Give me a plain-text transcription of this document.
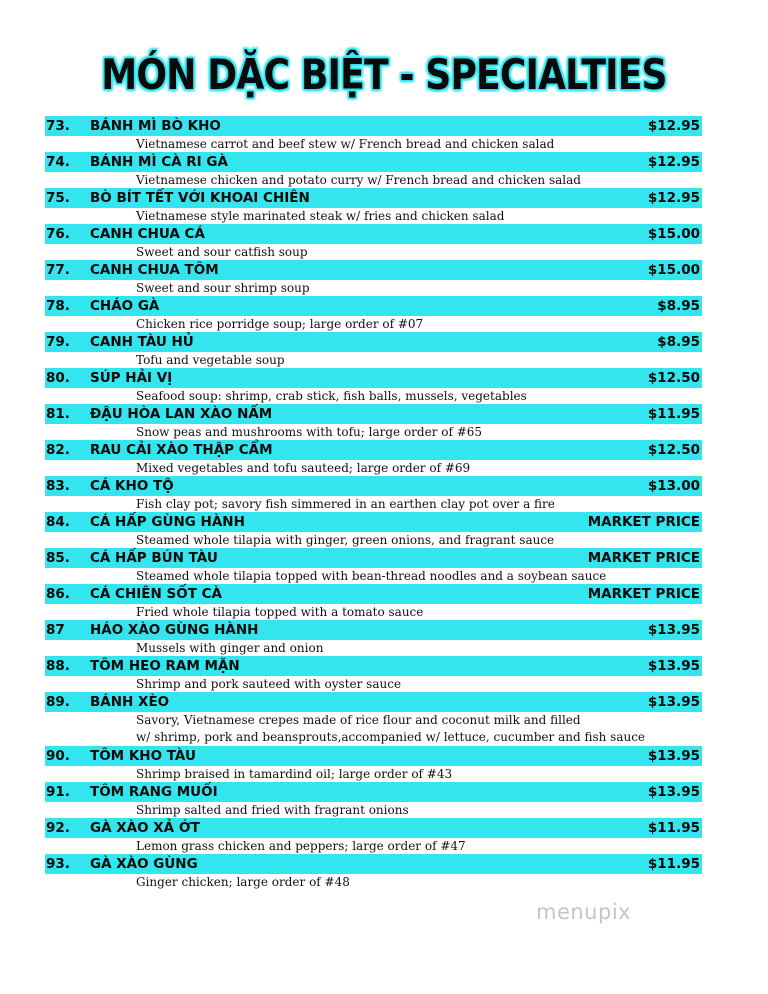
MÓN DẶC BIỆT - SPECIALTIES
73. BÁNH MÌ BÒ KHO	$12.95
Vietnamese carrot and beef stew w/ French bread and chicken salad
74. BÁNH MÌ CÀ RI GÀ	$12.95
Vietnamese chicken and potato curry w/ French bread and chicken salad
75. BÒ BÍT TẾT VỚI KHOAI CHIÊN	$12.95
Vietnamese style marinated steak w/ fries and chicken salad
76. CANH CHUA CÁ	$15.00
Sweet and sour catfish soup
77. CANH CHUA TÔM	$15.00
Sweet and sour shrimp soup
78. CHÁO GÀ	$8.95
Chicken rice porridge soup; large order of #07
79. CANH TÀU HỦ	$8.95
Tofu and vegetable soup
80. SÚP HẢI VỊ	$12.50
Seafood soup: shrimp, crab stick, fish balls, mussels, vegetables
81. ĐẬU HÒA LAN XÀO NẤM	$11.95
Snow peas and mushrooms with tofu; large order of #65
82. RAU CẢI XÀO THẬP CẨM	$12.50
Mixed vegetables and tofu sauteed; large order of #69
83. CÁ KHO TỘ	$13.00
Fish clay pot; savory fish simmered in an earthen clay pot over a fire
84. CÁ HẤP GÙNG HÀNH	MARKET PRICE
Steamed whole tilapia with ginger, green onions, and fragrant sauce
85. CÁ HẤP BÚN TÀU	MARKET PRICE
Steamed whole tilapia topped with bean-thread noodles and a soybean sauce
86. CÁ CHIÊN SỐT CÀ	MARKET PRICE
Fried whole tilapia topped with a tomato sauce
87 HÁO XÀO GÙNG HÀNH	$13.95
Mussels with ginger and onion
88. TÔM HEO RAM MẶN	$13.95
Shrimp and pork sauteed with oyster sauce
89. BÁNH XÈO	$13.95
Savory, Vietnamese crepes made of rice flour and coconut milk and filled
w/ shrimp, pork and beansprouts,accompanied w/ lettuce, cucumber and fish sauce
90. TÔM KHO TÀU	$13.95
Shrimp braised in tamardind oil; large order of #43
91. TÔM RANG MUỐI	$13.95
Shrimp salted and fried with fragrant onions
92. GÀ XÀO XẢ ỚT	$11.95
Lemon grass chicken and peppers; large order of #47
93. GÀ XÀO GÙNG	$11.95
Ginger chicken; large order of #48
menupix
